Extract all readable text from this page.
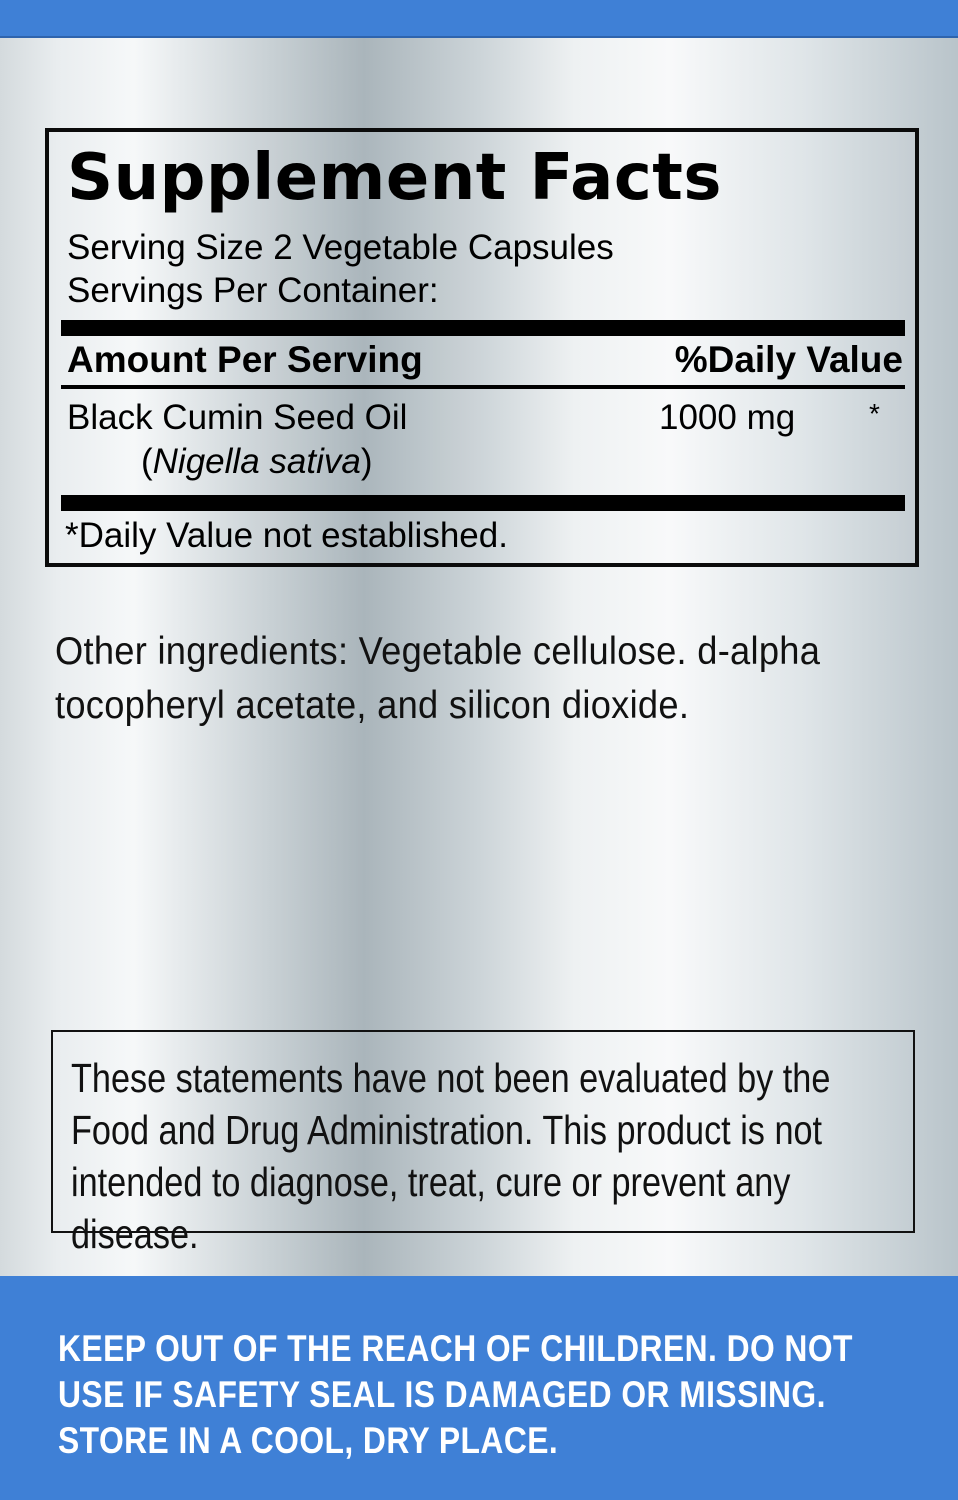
Supplement Facts
Serving Size 2 Vegetable Capsules
Servings Per Container:
Amount Per Serving	%Daily Value
Black Cumin Seed Oil
(Nigella sativa)
1000 mg	*
*Daily Value not established.
Other ingredients: Vegetable cellulose. d-alpha tocopheryl acetate, and silicon dioxide.
These statements have not been evaluated by the Food and Drug Administration. This product is not intended to diagnose, treat, cure or prevent any disease.
KEEP OUT OF THE REACH OF CHILDREN. DO NOT USE IF SAFETY SEAL IS DAMAGED OR MISSING. STORE IN A COOL, DRY PLACE.
